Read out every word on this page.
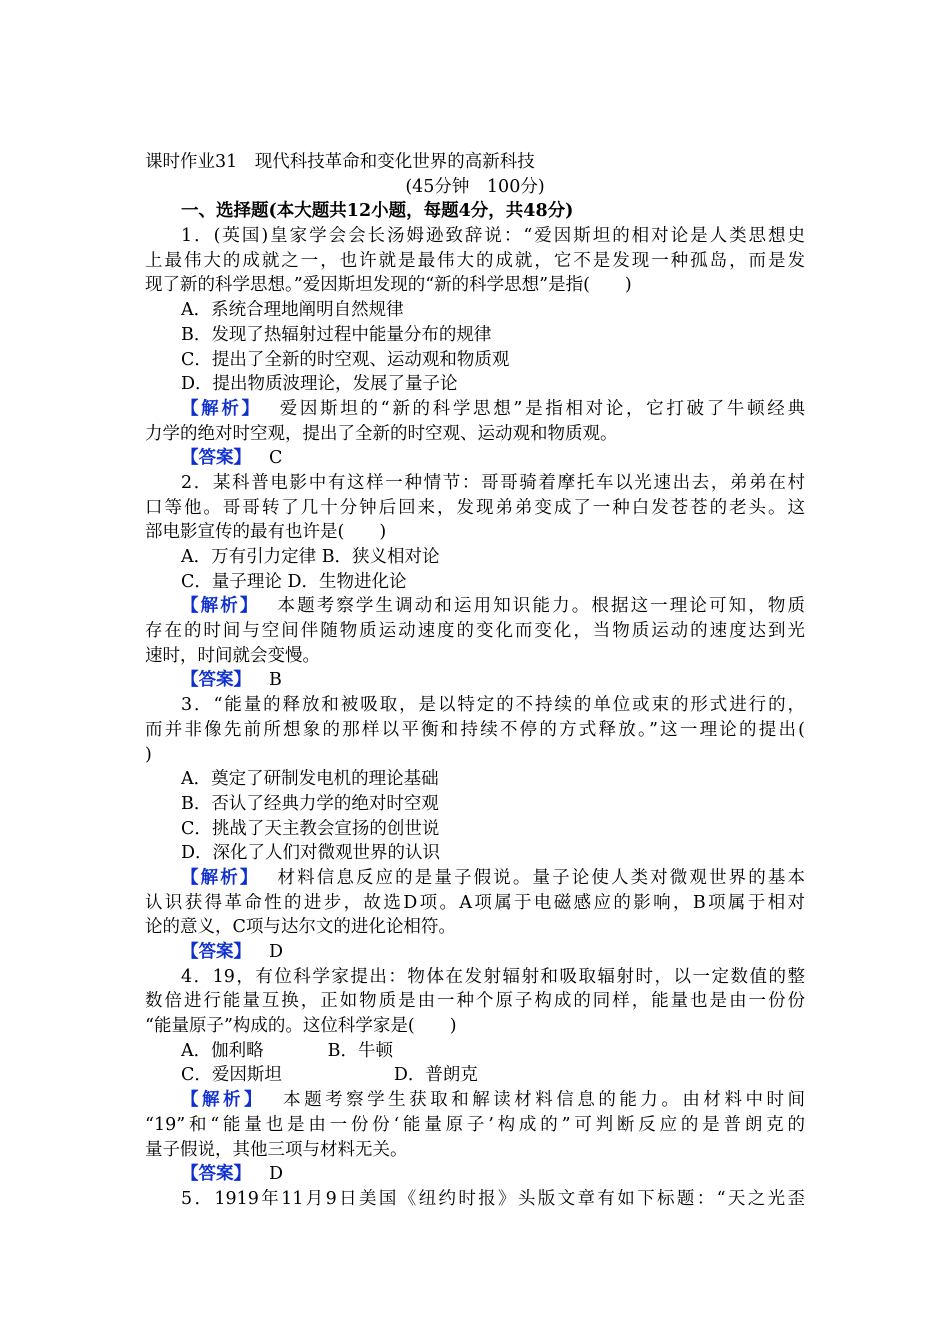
课时作业31　现代科技革命和变化世界的高新科技
(45分钟　100分)
一、选择题(本大题共12小题，每题4分，共48分)
1．(英国)皇家学会会长汤姆逊致辞说：“爱因斯坦的相对论是人类思想史
上最伟大的成就之一，也许就是最伟大的成就，它不是发现一种孤岛，而是发
现了新的科学思想。”爱因斯坦发现的“新的科学思想”是指(　　)
A．系统合理地阐明自然规律
B．发现了热辐射过程中能量分布的规律
C．提出了全新的时空观、运动观和物质观
D．提出物质波理论，发展了量子论
【解析】 爱因斯坦的“新的科学思想”是指相对论，它打破了牛顿经典
力学的绝对时空观，提出了全新的时空观、运动观和物质观。
【答案】 C
2．某科普电影中有这样一种情节：哥哥骑着摩托车以光速出去，弟弟在村
口等他。哥哥转了几十分钟后回来，发现弟弟变成了一种白发苍苍的老头。这
部电影宣传的最有也许是(　　)
A．万有引力定律 B．狭义相对论
C．量子理论 D．生物进化论
【解析】 本题考察学生调动和运用知识能力。根据这一理论可知，物质
存在的时间与空间伴随物质运动速度的变化而变化，当物质运动的速度达到光
速时，时间就会变慢。
【答案】 B
3．“能量的释放和被吸取，是以特定的不持续的单位或束的形式进行的，
而并非像先前所想象的那样以平衡和持续不停的方式释放。”这一理论的提出(
)
A．奠定了研制发电机的理论基础
B．否认了经典力学的绝对时空观
C．挑战了天主教会宣扬的创世说
D．深化了人们对微观世界的认识
【解析】 材料信息反应的是量子假说。量子论使人类对微观世界的基本
认识获得革命性的进步，故选D项。A项属于电磁感应的影响，B项属于相对
论的意义，C项与达尔文的进化论相符。
【答案】 D
4．19，有位科学家提出：物体在发射辐射和吸取辐射时，以一定数值的整
数倍进行能量互换，正如物质是由一种个原子构成的同样，能量也是由一份份
“能量原子”构成的。这位科学家是(　　)
A．伽利略	B．牛顿
C．爱因斯坦	D．普朗克
【解析】 本题考察学生获取和解读材料信息的能力。由材料中时间
“19”和“能量也是由一份份‘能量原子’构成的”可判断反应的是普朗克的
量子假说，其他三项与材料无关。
【答案】 D
5．1919年11月9日美国《纽约时报》头版文章有如下标题：“天之光歪
